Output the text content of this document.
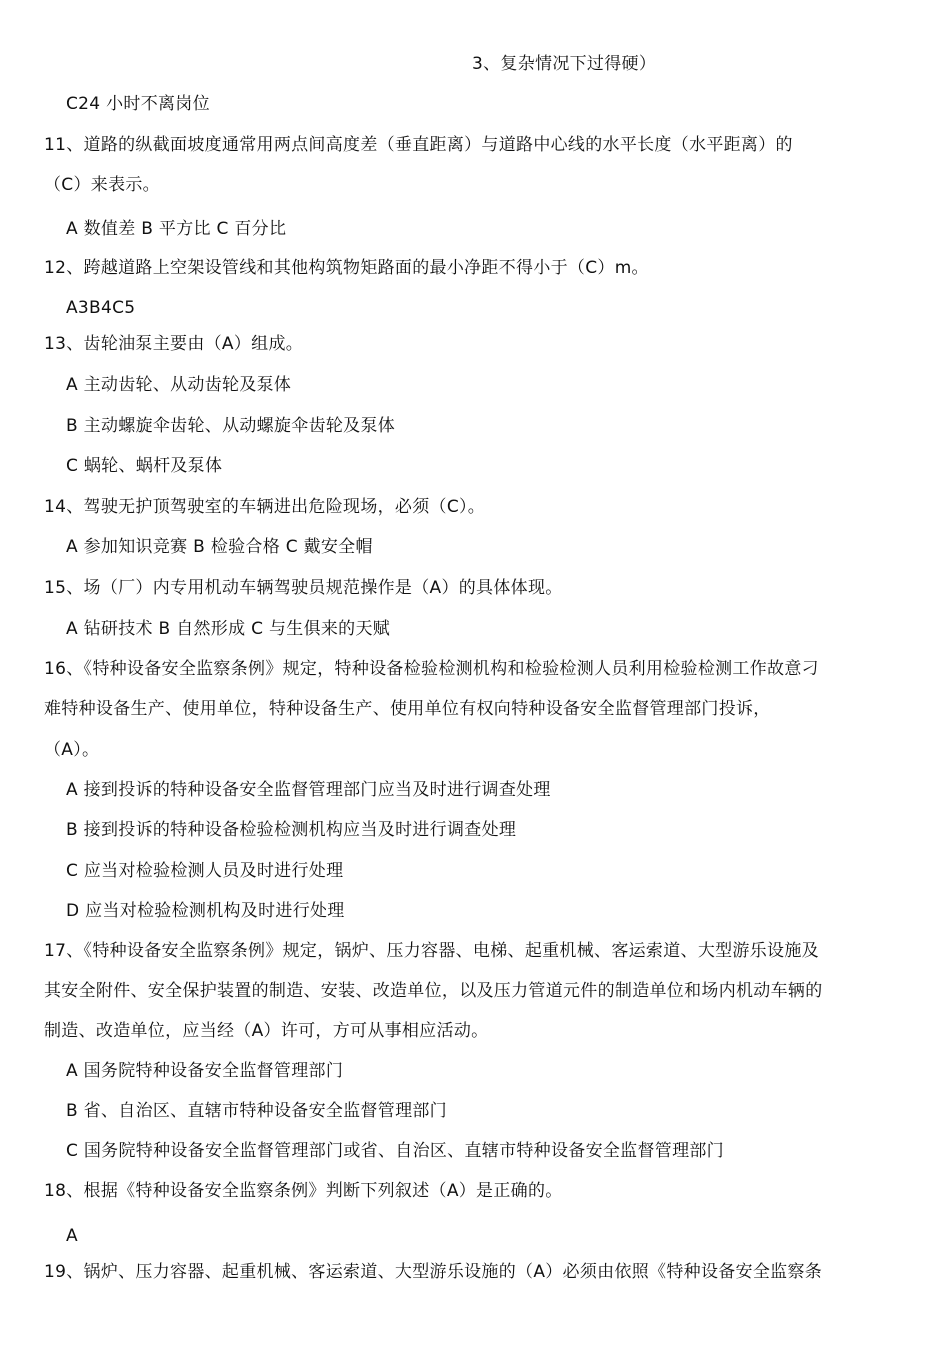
3、复杂情况下过得硬）
C24 小时不离岗位
11、道路的纵截面坡度通常用两点间高度差（垂直距离）与道路中心线的水平长度（水平距离）的
（C）来表示。
A 数值差 B 平方比 C 百分比
12、跨越道路上空架设管线和其他构筑物矩路面的最小净距不得小于（C）m。
A3B4C5
13、齿轮油泵主要由（A）组成。
A 主动齿轮、从动齿轮及泵体
B 主动螺旋伞齿轮、从动螺旋伞齿轮及泵体
C 蜗轮、蜗杆及泵体
14、驾驶无护顶驾驶室的车辆进出危险现场，必须（C）。
A 参加知识竞赛 B 检验合格 C 戴安全帽
15、场（厂）内专用机动车辆驾驶员规范操作是（A）的具体体现。
A 钻研技术 B 自然形成 C 与生俱来的天赋
16、《特种设备安全监察条例》规定，特种设备检验检测机构和检验检测人员利用检验检测工作故意刁
难特种设备生产、使用单位，特种设备生产、使用单位有权向特种设备安全监督管理部门投诉，
（A）。
A 接到投诉的特种设备安全监督管理部门应当及时进行调查处理
B 接到投诉的特种设备检验检测机构应当及时进行调查处理
C 应当对检验检测人员及时进行处理
D 应当对检验检测机构及时进行处理
17、《特种设备安全监察条例》规定，锅炉、压力容器、电梯、起重机械、客运索道、大型游乐设施及
其安全附件、安全保护装置的制造、安装、改造单位，以及压力管道元件的制造单位和场内机动车辆的
制造、改造单位，应当经（A）许可，方可从事相应活动。
A 国务院特种设备安全监督管理部门
B 省、自治区、直辖市特种设备安全监督管理部门
C 国务院特种设备安全监督管理部门或省、自治区、直辖市特种设备安全监督管理部门
18、根据《特种设备安全监察条例》判断下列叙述（A）是正确的。
A
19、锅炉、压力容器、起重机械、客运索道、大型游乐设施的（A）必须由依照《特种设备安全监察条
